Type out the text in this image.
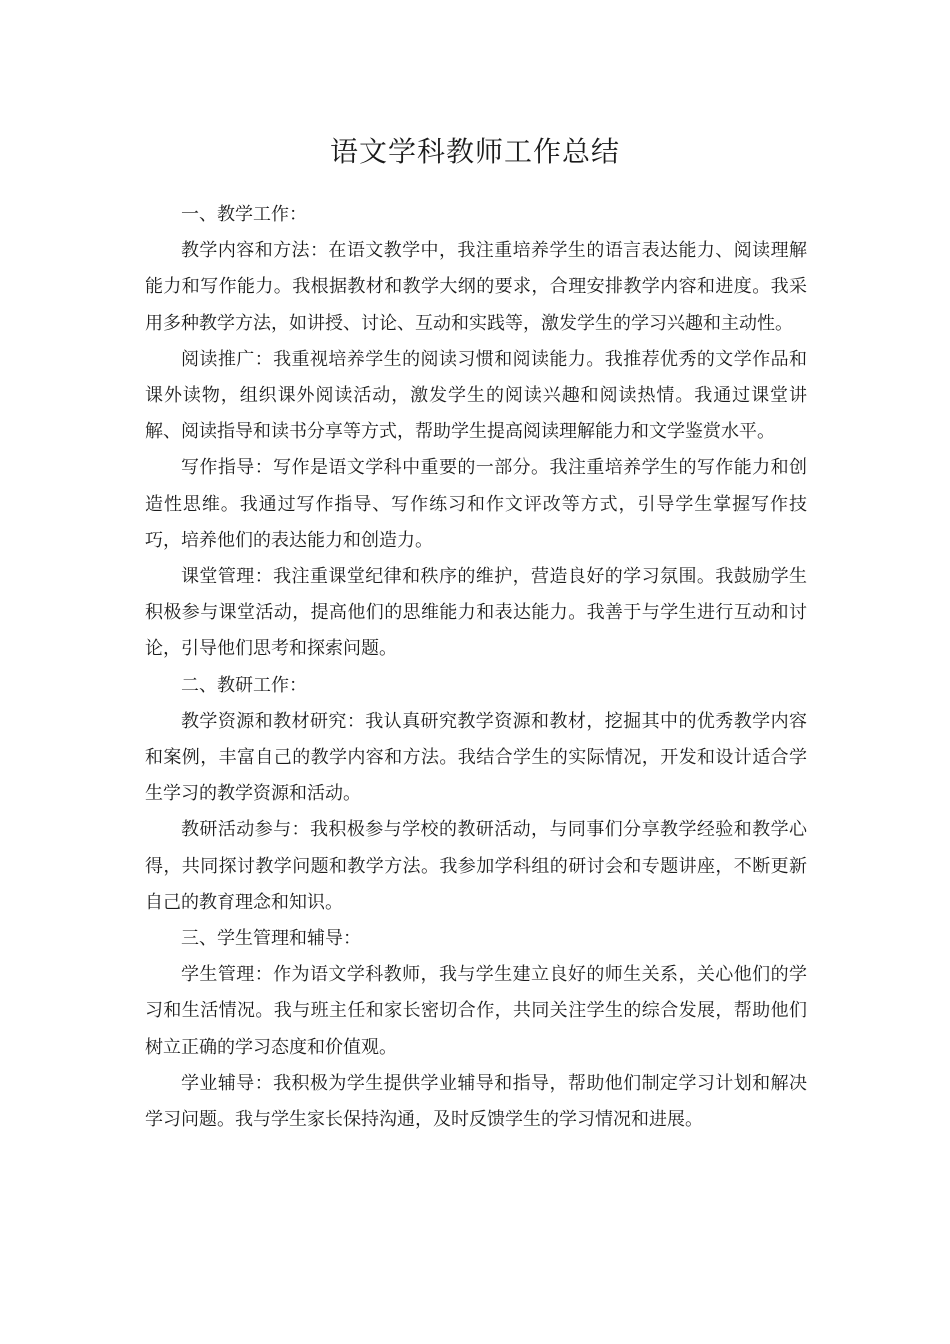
语文学科教师工作总结

一、教学工作：

教学内容和方法：在语文教学中，我注重培养学生的语言表达能力、阅读理解能力和写作能力。我根据教材和教学大纲的要求，合理安排教学内容和进度。我采用多种教学方法，如讲授、讨论、互动和实践等，激发学生的学习兴趣和主动性。

阅读推广：我重视培养学生的阅读习惯和阅读能力。我推荐优秀的文学作品和课外读物，组织课外阅读活动，激发学生的阅读兴趣和阅读热情。我通过课堂讲解、阅读指导和读书分享等方式，帮助学生提高阅读理解能力和文学鉴赏水平。

写作指导：写作是语文学科中重要的一部分。我注重培养学生的写作能力和创造性思维。我通过写作指导、写作练习和作文评改等方式，引导学生掌握写作技巧，培养他们的表达能力和创造力。

课堂管理：我注重课堂纪律和秩序的维护，营造良好的学习氛围。我鼓励学生积极参与课堂活动，提高他们的思维能力和表达能力。我善于与学生进行互动和讨论，引导他们思考和探索问题。

二、教研工作：

教学资源和教材研究：我认真研究教学资源和教材，挖掘其中的优秀教学内容和案例，丰富自己的教学内容和方法。我结合学生的实际情况，开发和设计适合学生学习的教学资源和活动。

教研活动参与：我积极参与学校的教研活动，与同事们分享教学经验和教学心得，共同探讨教学问题和教学方法。我参加学科组的研讨会和专题讲座，不断更新自己的教育理念和知识。

三、学生管理和辅导：

学生管理：作为语文学科教师，我与学生建立良好的师生关系，关心他们的学习和生活情况。我与班主任和家长密切合作，共同关注学生的综合发展，帮助他们树立正确的学习态度和价值观。

学业辅导：我积极为学生提供学业辅导和指导，帮助他们制定学习计划和解决学习问题。我与学生家长保持沟通，及时反馈学生的学习情况和进展。
